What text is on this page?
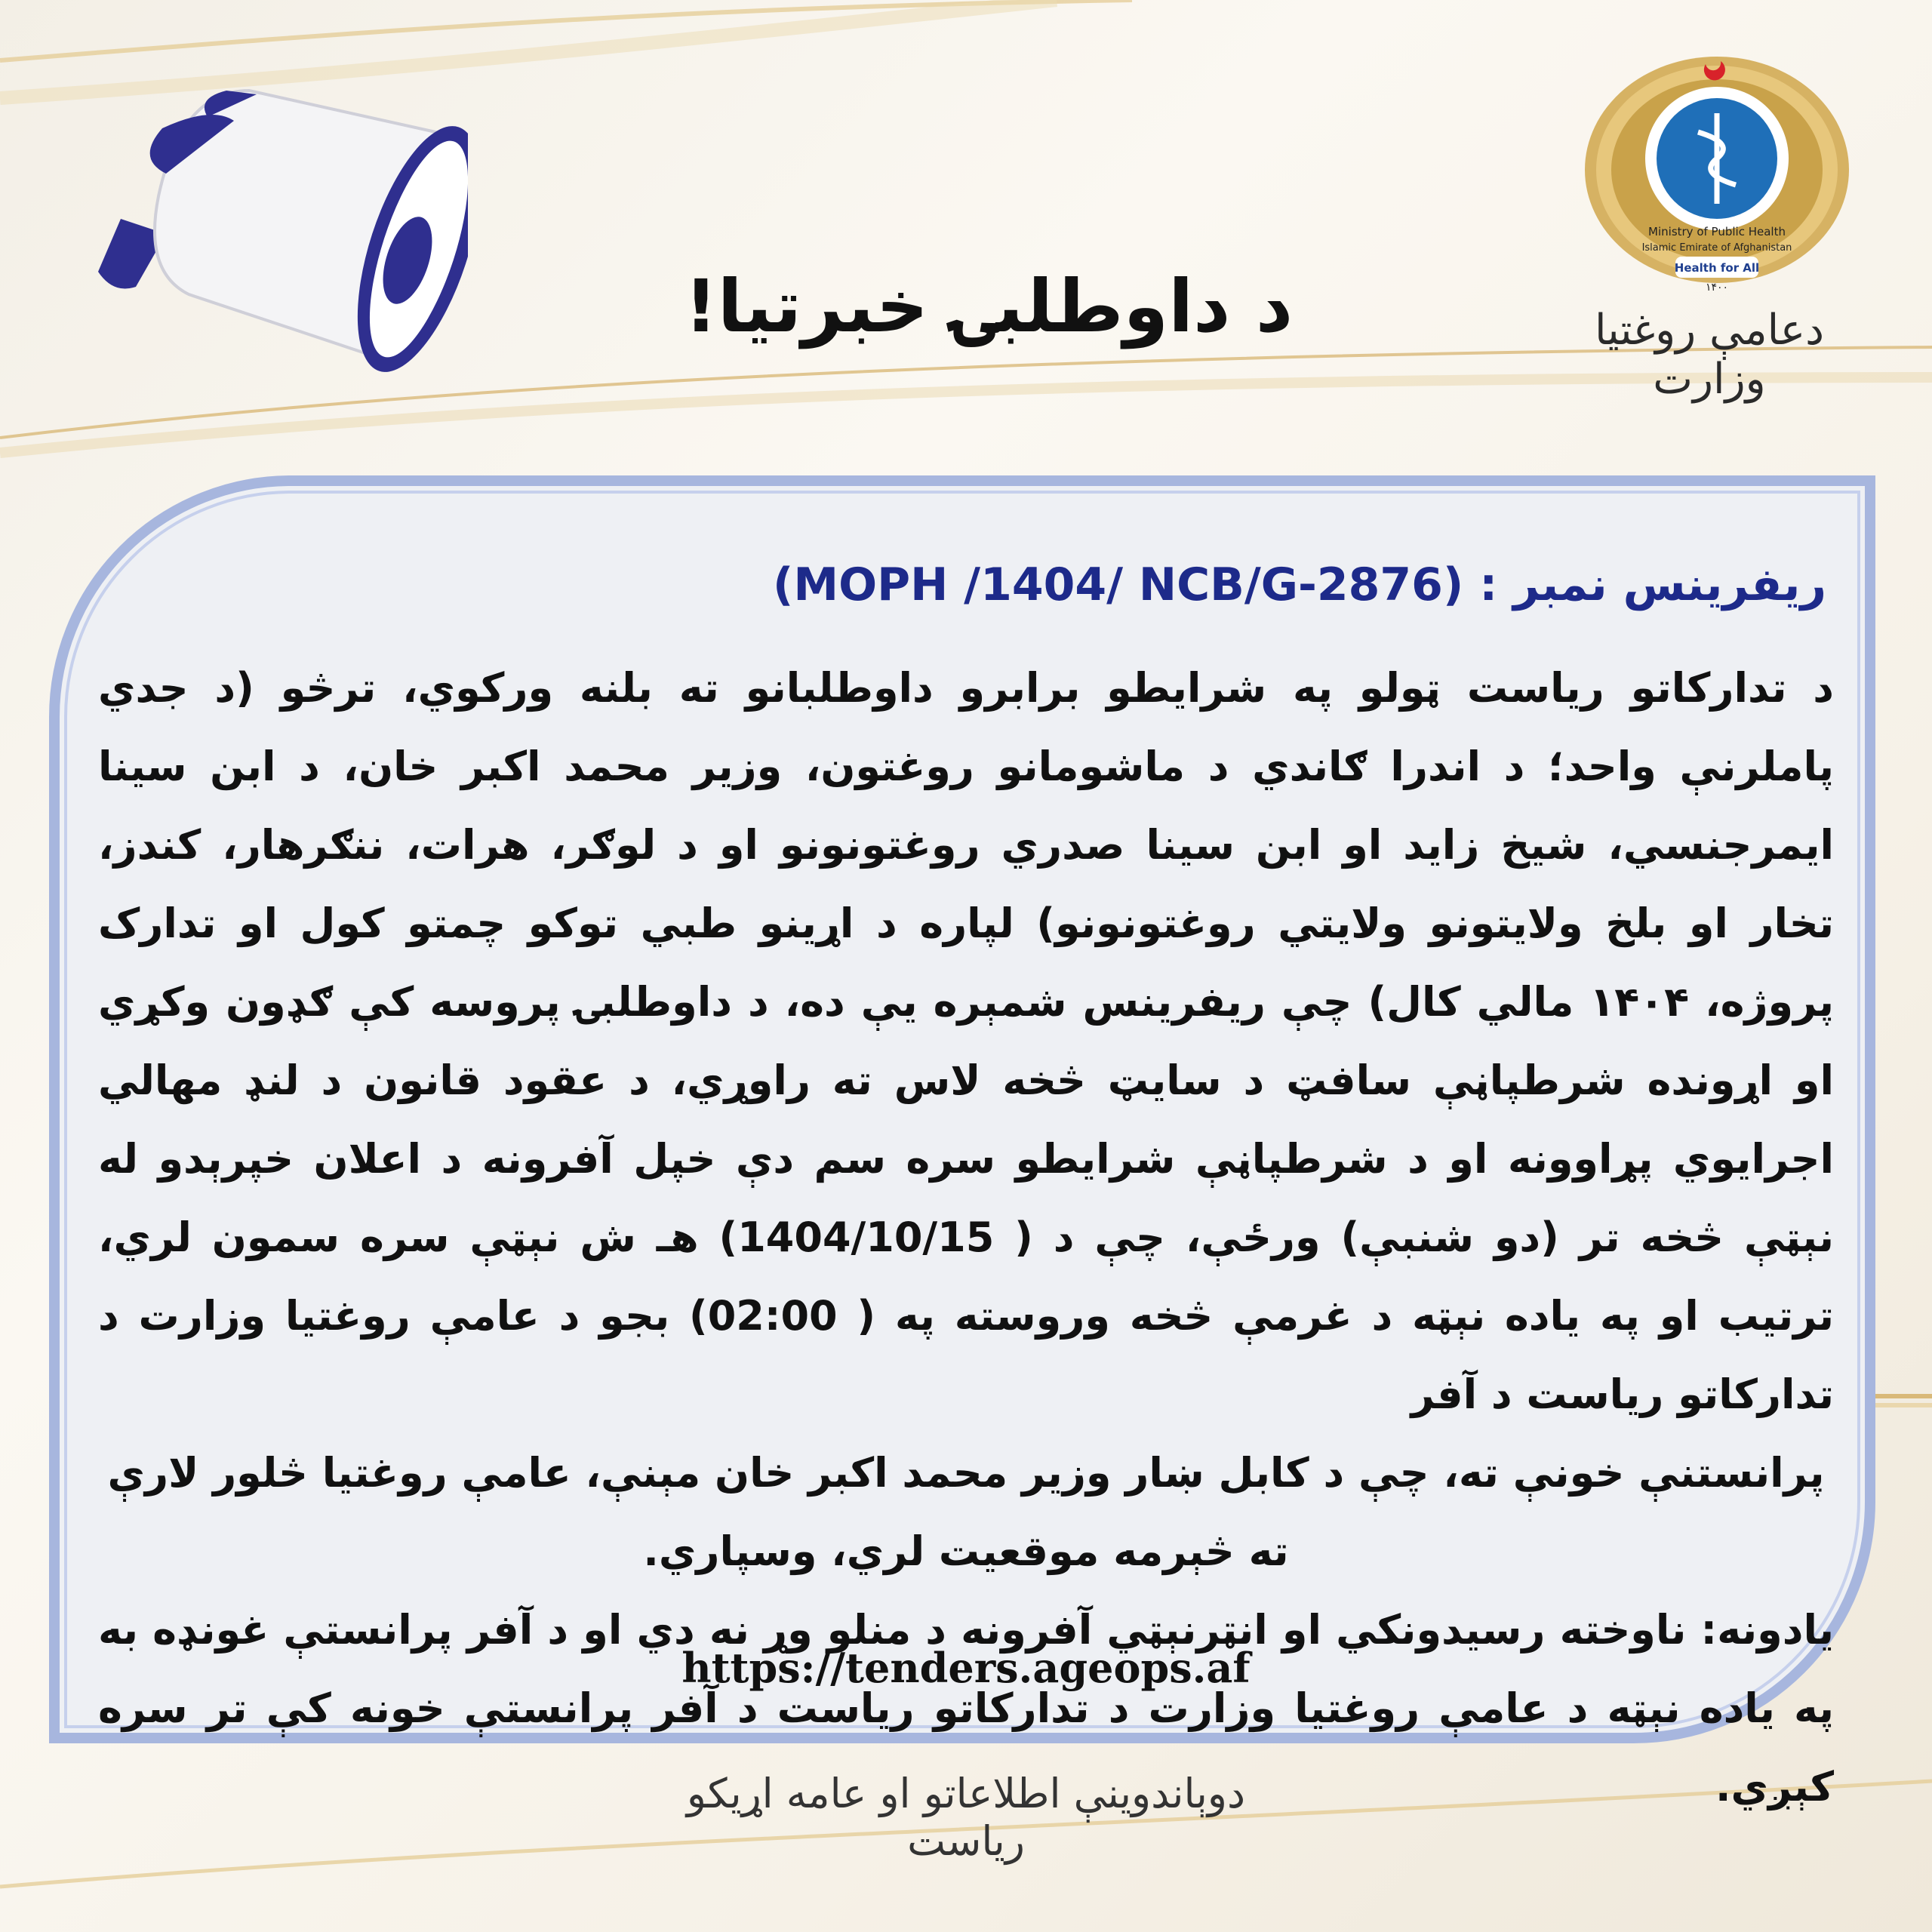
Ministry of Public Health
Islamic Emirate of Afghanistan
Health for All
۱۴۰۰
دعامې روغتیا وزارت
د داوطلبۍ خبرتیا!
ریفرینس نمبر : (MOPH /1404/ NCB/G-2876)

د تدارکاتو ریاست ټولو په شرایطو برابرو داوطلبانو ته بلنه ورکوي، ترڅو (د جدي پاملرنې واحد؛ د اندرا ګاندي د ماشومانو روغتون، وزیر محمد اکبر خان، د ابن سینا ایمرجنسي، شیخ زاید او ابن سینا صدري روغتونونو او د لوګر، هرات، ننګرهار، کندز، تخار او بلخ ولایتونو ولایتي روغتونونو) لپاره د اړینو طبي توکو چمتو کول او تدارک پروژه، ۱۴۰۴ مالي کال) چې ریفرینس شمېره یې ده، د داوطلبۍ پروسه کې ګډون وکړي او اړونده شرطپاڼې سافټ د سایټ څخه لاس ته راوړي، د عقود قانون د لنډ مهالي اجرایوي پړاوونه او د شرطپاڼې شرایطو سره سم دې خپل آفرونه د اعلان خپرېدو له نېټې څخه تر (دو شنبې) ورځې، چې د ( 1404/10/15) هـ ش نېټې سره سمون لري، ترتیب او په یاده نېټه د غرمې څخه وروسته په ( 02:00) بجو د عامې روغتیا وزارت د تدارکاتو ریاست د آفر

پرانستنې خونې ته، چې د کابل ښار وزیر محمد اکبر خان مېنې، عامې روغتیا څلور لارې ته څېرمه موقعیت لري، وسپاري.

یادونه: ناوخته رسیدونکي او انټرنېټي آفرونه د منلو وړ نه دي او د آفر پرانستې غونډه به په یاده نېټه د عامې روغتیا وزارت د تدارکاتو ریاست د آفر پرانستې خونه کې تر سره کېږي.

https://tenders.ageops.af
دوېاندوینې اطلاعاتو او عامه اړیکو ریاست
